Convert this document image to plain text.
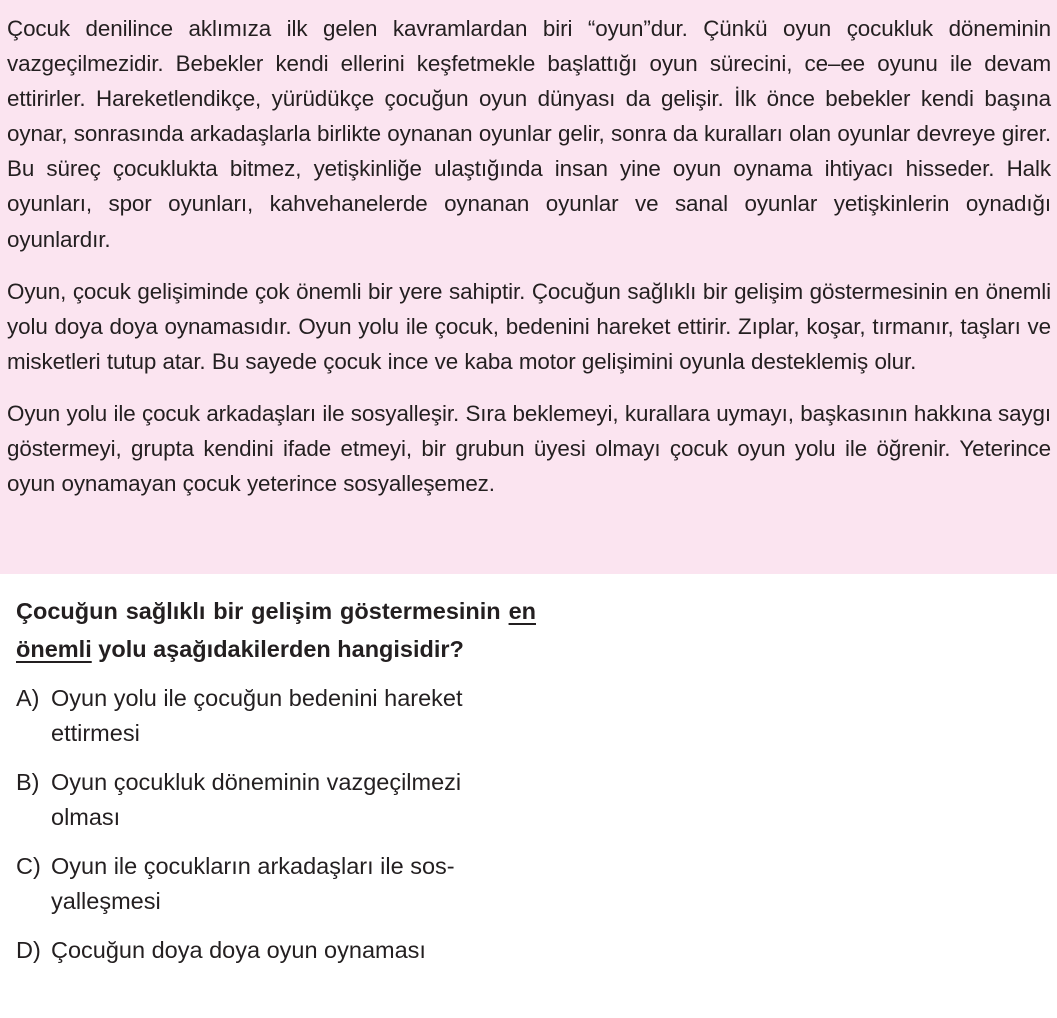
Çocuk denilince aklımıza ilk gelen kavramlardan biri “oyun”dur. Çünkü oyun çocukluk döneminin vazgeçilmezidir. Bebekler kendi ellerini keşfetmekle başlattığı oyun sürecini, ce–ee oyunu ile devam ettirirler. Hareketlendikçe, yürüdükçe çocuğun oyun dünyası da gelişir. İlk önce bebekler kendi başına oynar, sonrasında arkadaşlarla birlikte oynanan oyunlar gelir, sonra da kuralları olan oyunlar devreye girer. Bu süreç çocuklukta bitmez, yetişkinliğe ulaştığında insan yine oyun oynama ihtiyacı hisseder. Halk oyunları, spor oyunları, kahvehanelerde oynanan oyunlar ve sanal oyunlar yetişkinlerin oynadığı oyunlardır.

Oyun, çocuk gelişiminde çok önemli bir yere sahiptir. Çocuğun sağlıklı bir gelişim göstermesinin en önemli yolu doya doya oynamasıdır. Oyun yolu ile çocuk, bedenini hareket ettirir. Zıplar, koşar, tırmanır, taşları ve misketleri tutup atar. Bu sayede çocuk ince ve kaba motor gelişimini oyunla desteklemiş olur.

Oyun yolu ile çocuk arkadaşları ile sosyalleşir. Sıra beklemeyi, kurallara uymayı, başkasının hakkına saygı göstermeyi, grupta kendini ifade etmeyi, bir grubun üyesi olmayı çocuk oyun yolu ile öğrenir. Yeterince oyun oynamayan çocuk yeterince sosyalleşemez.

Çocuğun sağlıklı bir gelişim göstermesinin en önemli yolu aşağıdakilerden hangisidir?

A) Oyun yolu ile çocuğun bedenini hareket ettirmesi
B) Oyun çocukluk döneminin vazgeçilmezi olması
C) Oyun ile çocukların arkadaşları ile sosyalleşmesi
D) Çocuğun doya doya oyun oynaması
